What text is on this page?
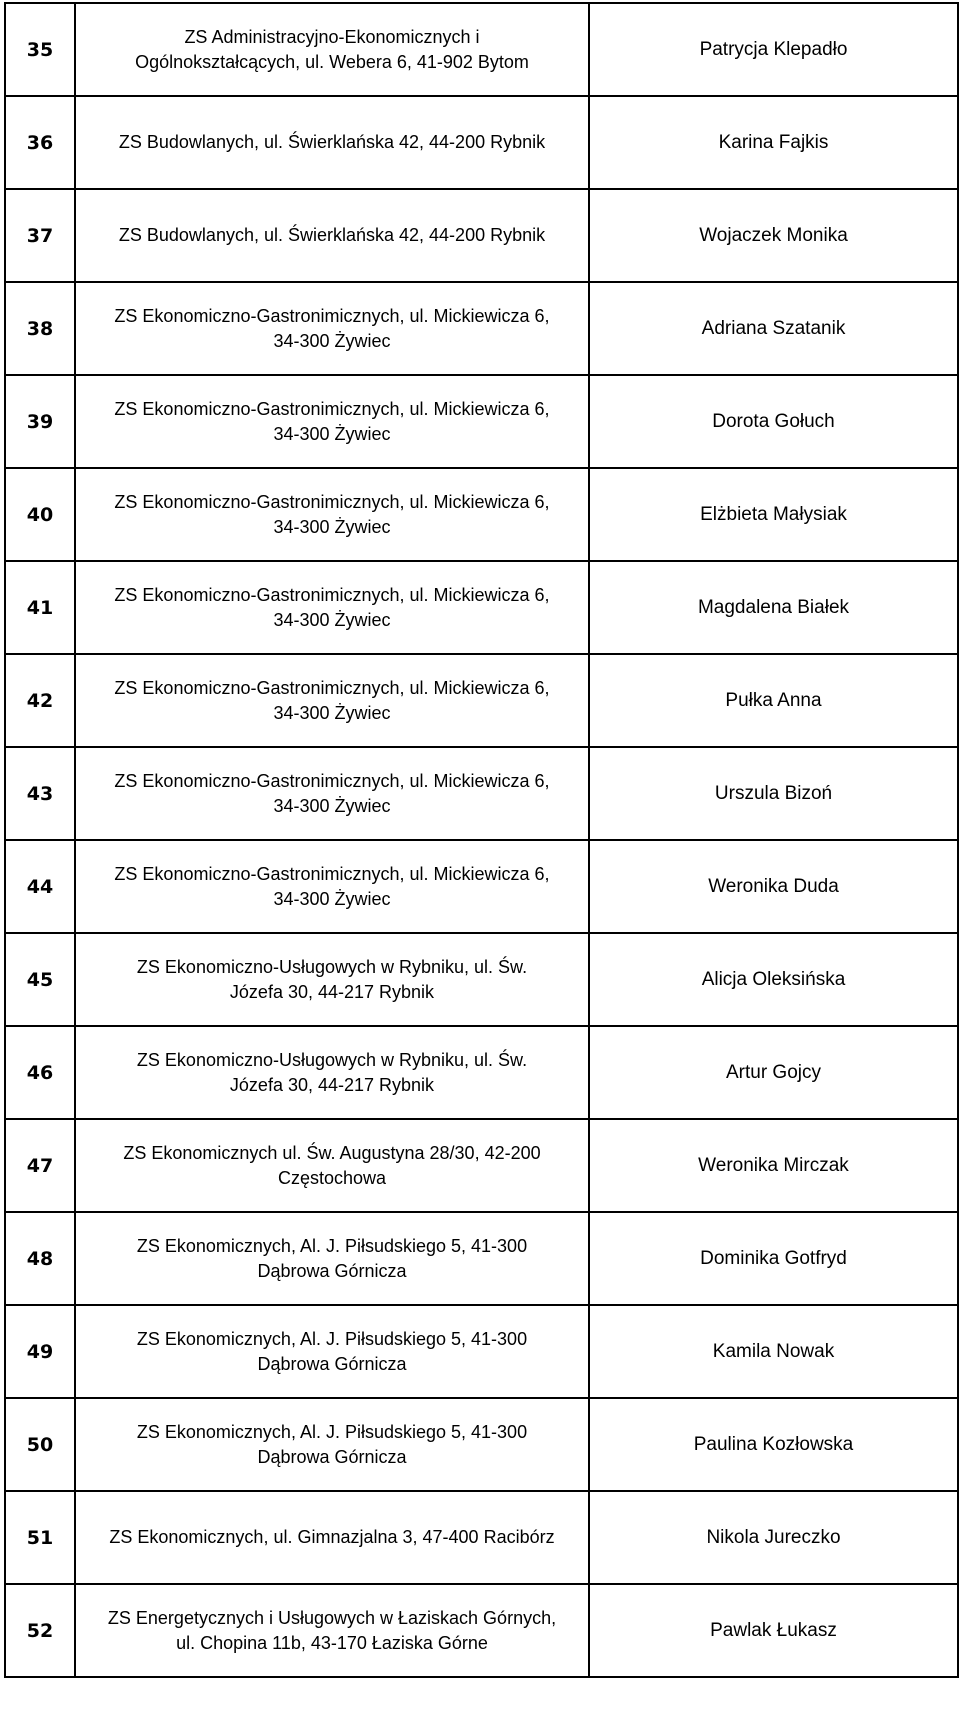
35	ZS Administracyjno-Ekonomicznych i
Ogólnokształcących, ul. Webera 6, 41-902 Bytom	Patrycja Klepadło
36	ZS Budowlanych, ul. Świerklańska 42, 44-200 Rybnik	Karina Fajkis
37	ZS Budowlanych, ul. Świerklańska 42, 44-200 Rybnik	Wojaczek Monika
38	ZS Ekonomiczno-Gastronimicznych, ul. Mickiewicza 6,
34-300 Żywiec	Adriana Szatanik
39	ZS Ekonomiczno-Gastronimicznych, ul. Mickiewicza 6,
34-300 Żywiec	Dorota Gołuch
40	ZS Ekonomiczno-Gastronimicznych, ul. Mickiewicza 6,
34-300 Żywiec	Elżbieta Małysiak
41	ZS Ekonomiczno-Gastronimicznych, ul. Mickiewicza 6,
34-300 Żywiec	Magdalena Białek
42	ZS Ekonomiczno-Gastronimicznych, ul. Mickiewicza 6,
34-300 Żywiec	Pułka Anna
43	ZS Ekonomiczno-Gastronimicznych, ul. Mickiewicza 6,
34-300 Żywiec	Urszula Bizoń
44	ZS Ekonomiczno-Gastronimicznych, ul. Mickiewicza 6,
34-300 Żywiec	Weronika Duda
45	ZS Ekonomiczno-Usługowych w Rybniku, ul. Św.
Józefa 30, 44-217 Rybnik	Alicja Oleksińska
46	ZS Ekonomiczno-Usługowych w Rybniku, ul. Św.
Józefa 30, 44-217 Rybnik	Artur Gojcy
47	ZS Ekonomicznych ul. Św. Augustyna 28/30, 42-200
Częstochowa	Weronika Mirczak
48	ZS Ekonomicznych, Al. J. Piłsudskiego 5, 41-300
Dąbrowa Górnicza	Dominika Gotfryd
49	ZS Ekonomicznych, Al. J. Piłsudskiego 5, 41-300
Dąbrowa Górnicza	Kamila Nowak
50	ZS Ekonomicznych, Al. J. Piłsudskiego 5, 41-300
Dąbrowa Górnicza	Paulina Kozłowska
51	ZS Ekonomicznych, ul. Gimnazjalna 3, 47-400 Racibórz	Nikola Jureczko
52	ZS Energetycznych i Usługowych w Łaziskach Górnych,
ul. Chopina 11b, 43-170 Łaziska Górne	Pawlak Łukasz
